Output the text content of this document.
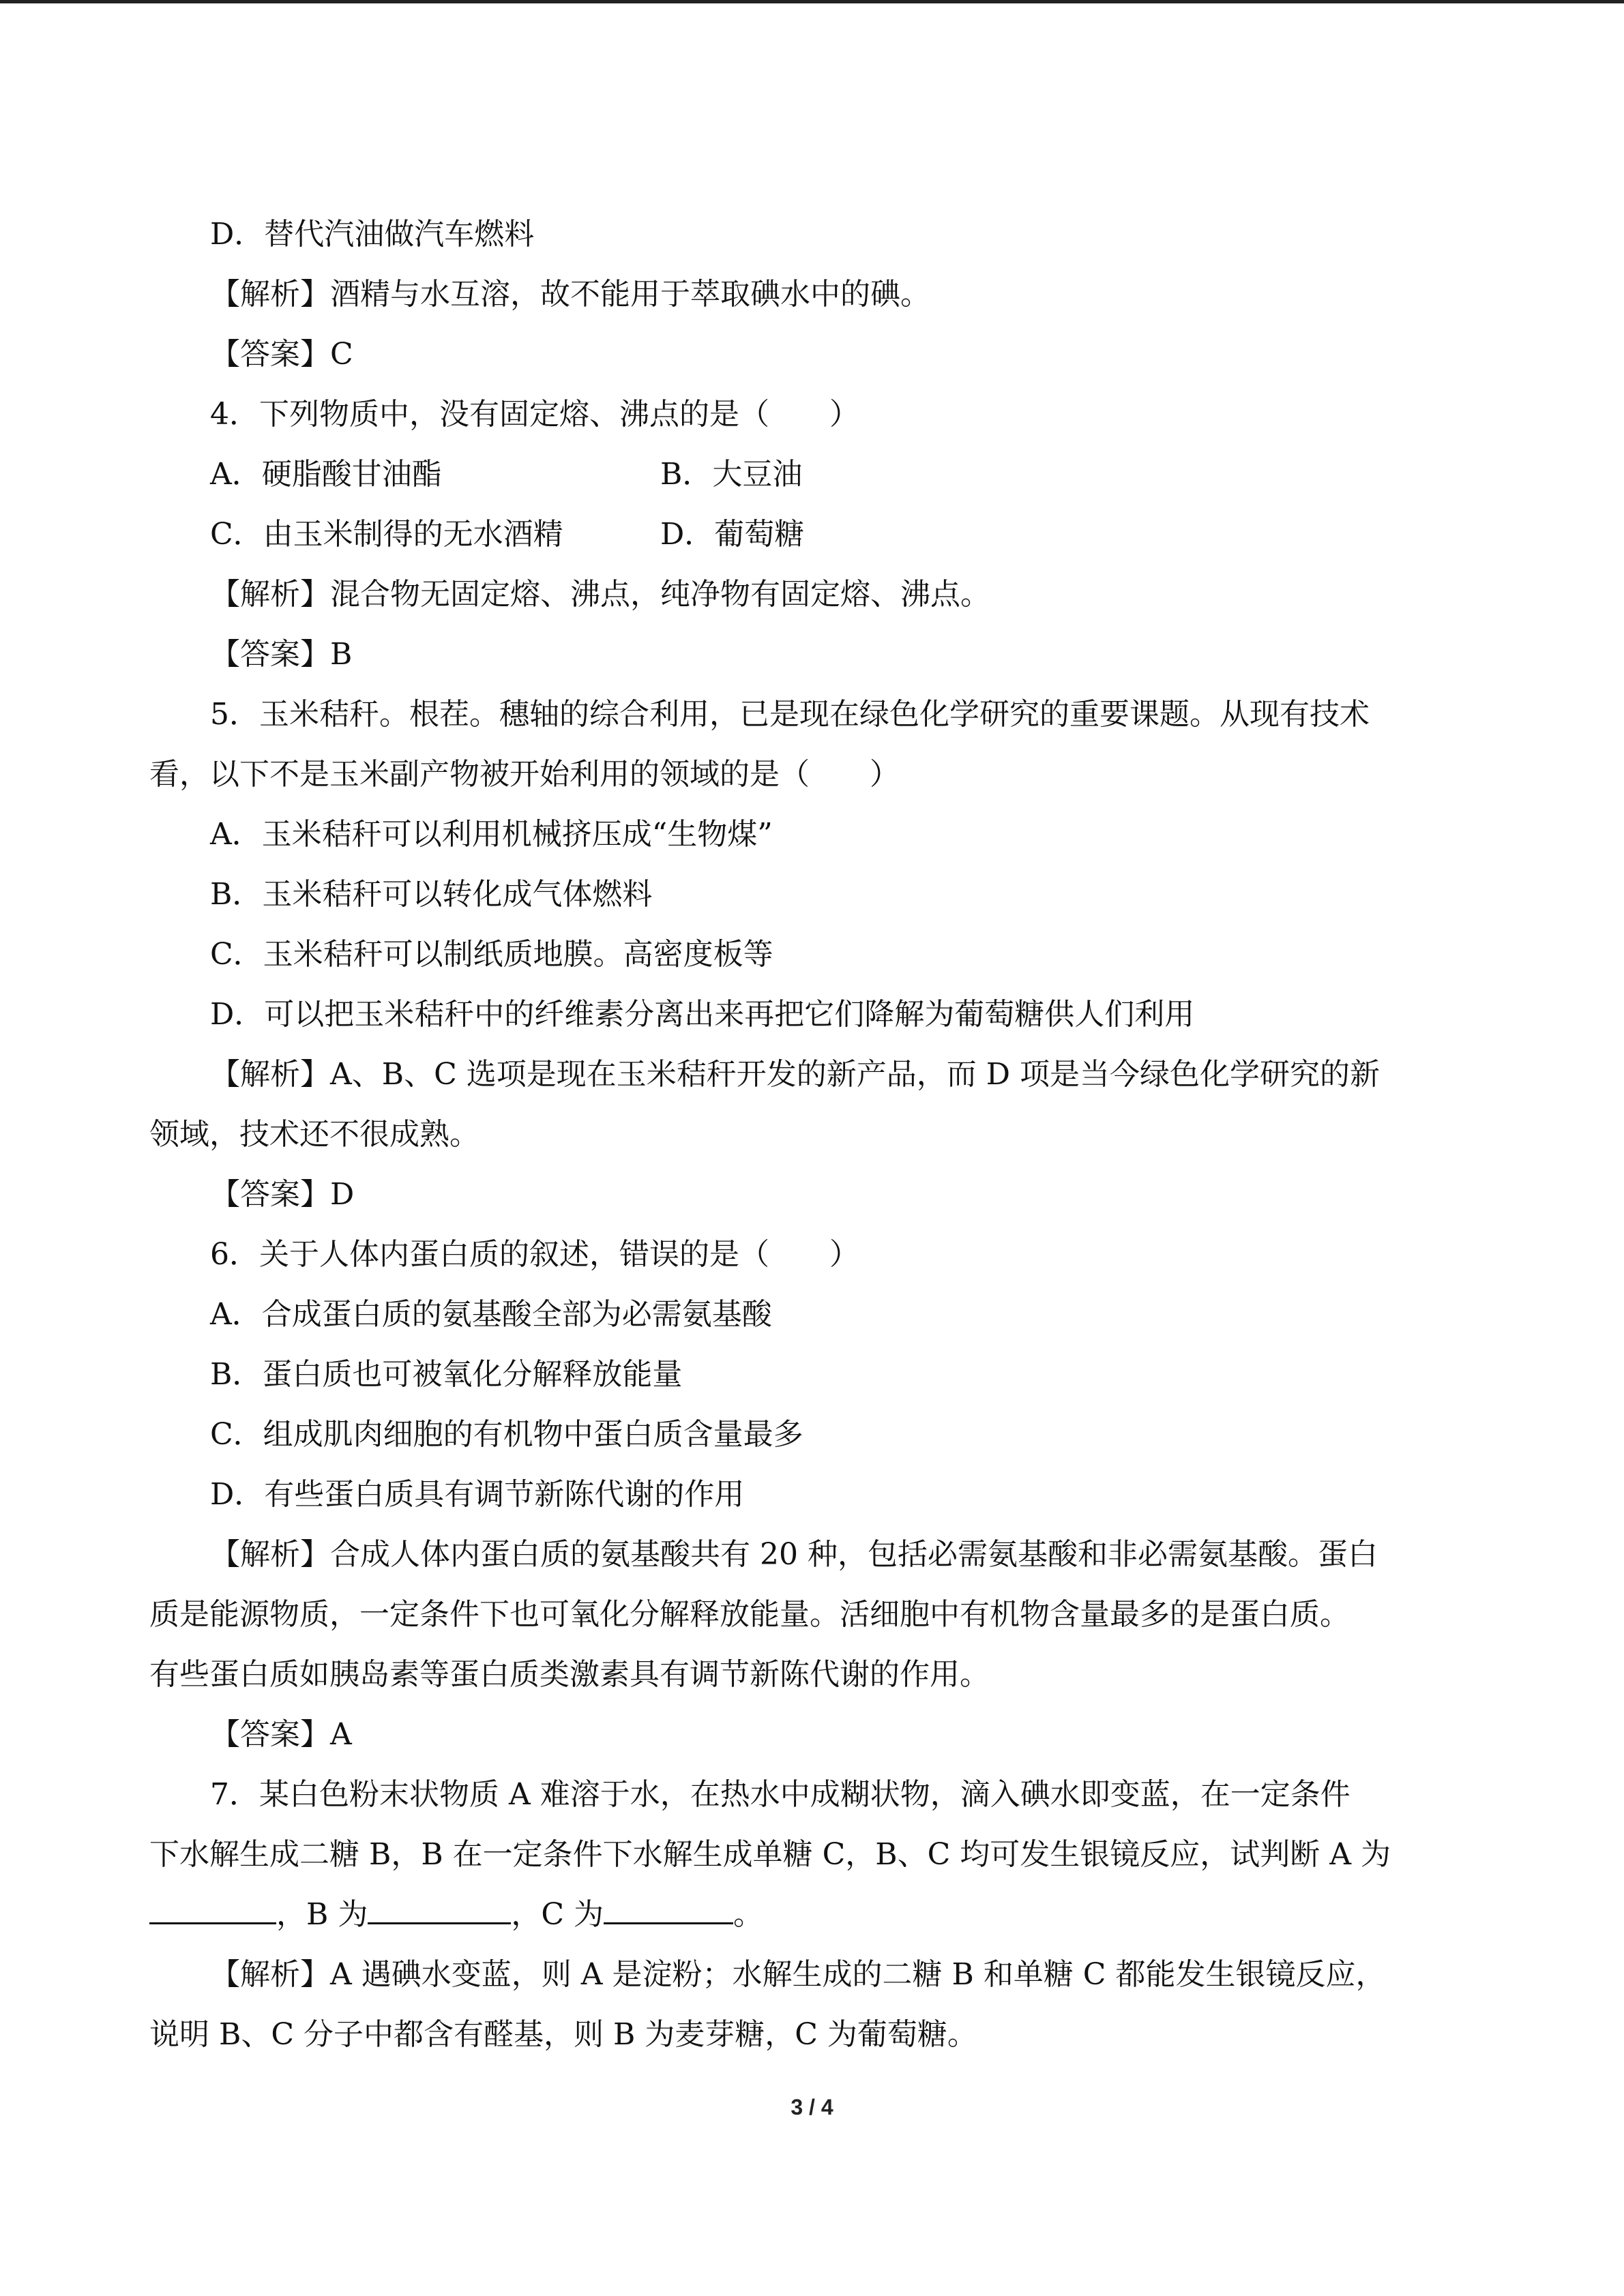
D．替代汽油做汽车燃料

【解析】酒精与水互溶，故不能用于萃取碘水中的碘。

【答案】C

4．下列物质中，没有固定熔、沸点的是（　　）

A．硬脂酸甘油酯	B．大豆油
C．由玉米制得的无水酒精	D．葡萄糖

【解析】混合物无固定熔、沸点，纯净物有固定熔、沸点。

【答案】B

5．玉米秸秆。根茬。穗轴的综合利用，已是现在绿色化学研究的重要课题。从现有技术

看，以下不是玉米副产物被开始利用的领域的是（　　）

A．玉米秸秆可以利用机械挤压成“生物煤”

B．玉米秸秆可以转化成气体燃料

C．玉米秸秆可以制纸质地膜。高密度板等

D．可以把玉米秸秆中的纤维素分离出来再把它们降解为葡萄糖供人们利用

【解析】A、B、C 选项是现在玉米秸秆开发的新产品，而 D 项是当今绿色化学研究的新

领域，技术还不很成熟。

【答案】D

6．关于人体内蛋白质的叙述，错误的是（　　）

A．合成蛋白质的氨基酸全部为必需氨基酸

B．蛋白质也可被氧化分解释放能量

C．组成肌肉细胞的有机物中蛋白质含量最多

D．有些蛋白质具有调节新陈代谢的作用

【解析】合成人体内蛋白质的氨基酸共有 20 种，包括必需氨基酸和非必需氨基酸。蛋白

质是能源物质，一定条件下也可氧化分解释放能量。活细胞中有机物含量最多的是蛋白质。

有些蛋白质如胰岛素等蛋白质类激素具有调节新陈代谢的作用。

【答案】A

7．某白色粉末状物质 A 难溶于水，在热水中成糊状物，滴入碘水即变蓝，在一定条件

下水解生成二糖 B，B 在一定条件下水解生成单糖 C，B、C 均可发生银镜反应，试判断 A 为

，B 为	，C 为	。

【解析】A 遇碘水变蓝，则 A 是淀粉；水解生成的二糖 B 和单糖 C 都能发生银镜反应，

说明 B、C 分子中都含有醛基，则 B 为麦芽糖，C 为葡萄糖。

3 / 4
